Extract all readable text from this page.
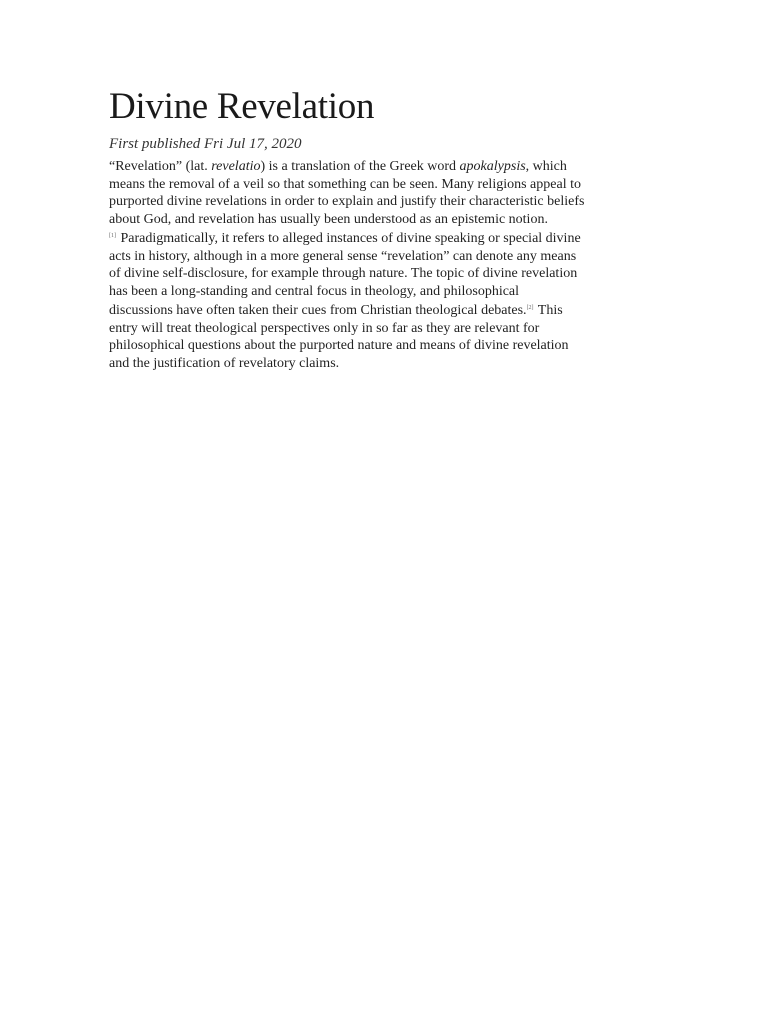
Divine Revelation
First published Fri Jul 17, 2020

“Revelation” (lat. revelatio) is a translation of the Greek word apokalypsis, which
means the removal of a veil so that something can be seen. Many religions appeal to
purported divine revelations in order to explain and justify their characteristic beliefs
about God, and revelation has usually been understood as an epistemic notion.
[1] Paradigmatically, it refers to alleged instances of divine speaking or special divine
acts in history, although in a more general sense “revelation” can denote any means
of divine self-disclosure, for example through nature. The topic of divine revelation
has been a long-standing and central focus in theology, and philosophical
discussions have often taken their cues from Christian theological debates.[2] This
entry will treat theological perspectives only in so far as they are relevant for
philosophical questions about the purported nature and means of divine revelation
and the justification of revelatory claims.
